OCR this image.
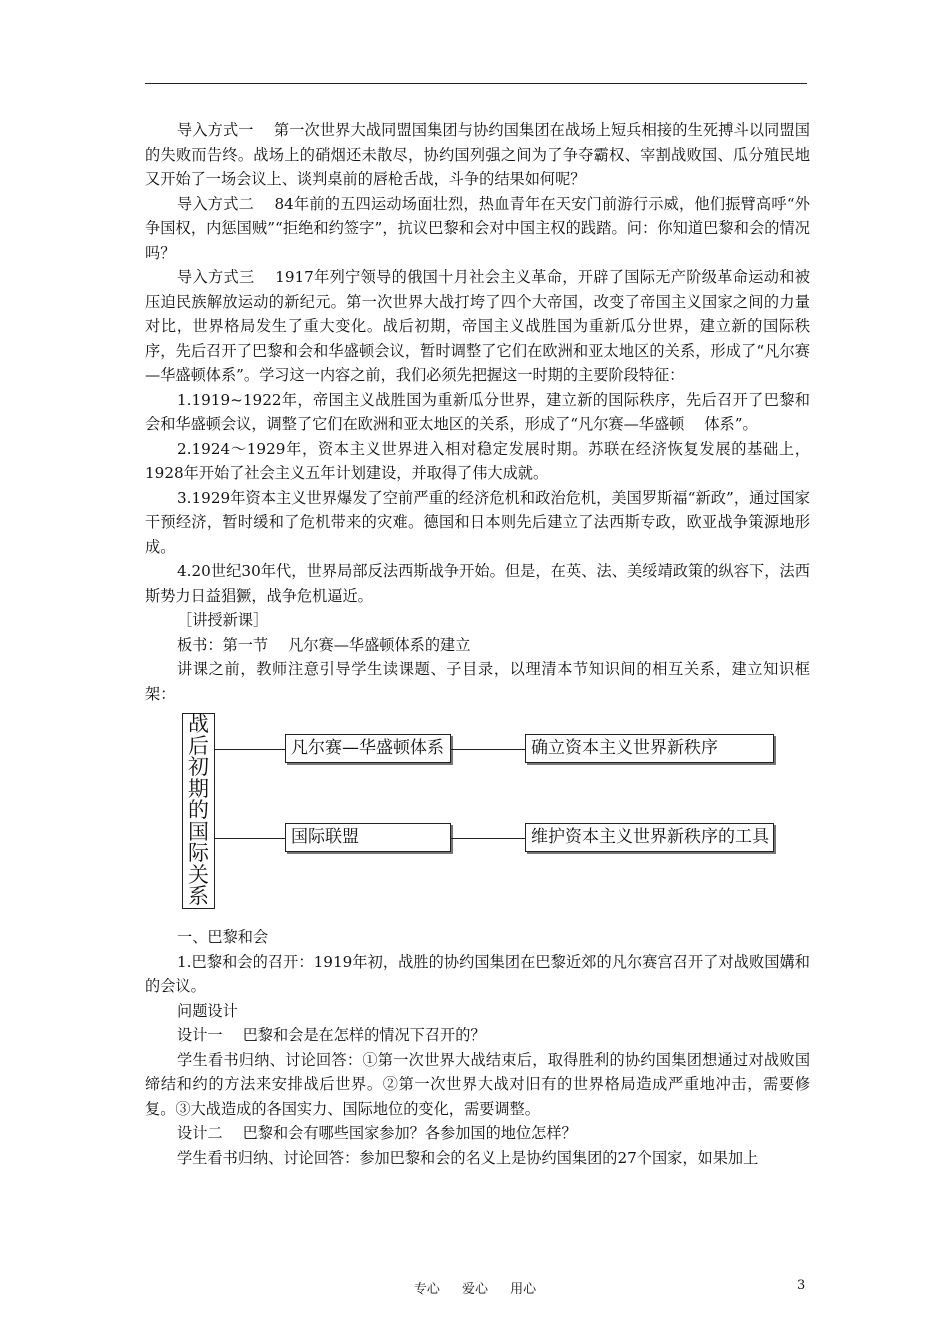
导入方式一　 第一次世界大战同盟国集团与协约国集团在战场上短兵相接的生死搏斗以同盟国的失败而告终。战场上的硝烟还未散尽，协约国列强之间为了争夺霸权、宰割战败国、瓜分殖民地又开始了一场会议上、谈判桌前的唇枪舌战，斗争的结果如何呢？

导入方式二　 84年前的五四运动场面壮烈，热血青年在天安门前游行示威，他们振臂高呼“外争国权，内惩国贼”“拒绝和约签字”，抗议巴黎和会对中国主权的践踏。问：你知道巴黎和会的情况吗？

导入方式三　 1917年列宁领导的俄国十月社会主义革命，开辟了国际无产阶级革命运动和被压迫民族解放运动的新纪元。第一次世界大战打垮了四个大帝国，改变了帝国主义国家之间的力量对比，世界格局发生了重大变化。战后初期，帝国主义战胜国为重新瓜分世界，建立新的国际秩序，先后召开了巴黎和会和华盛顿会议，暂时调整了它们在欧洲和亚太地区的关系，形成了“凡尔赛—华盛顿体系”。学习这一内容之前，我们必须先把握这一时期的主要阶段特征：

1.1919~1922年，帝国主义战胜国为重新瓜分世界，建立新的国际秩序，先后召开了巴黎和会和华盛顿会议，调整了它们在欧洲和亚太地区的关系，形成了“凡尔赛—华盛顿　 体系”。

2.1924～1929年，资本主义世界进入相对稳定发展时期。苏联在经济恢复发展的基础上，1928年开始了社会主义五年计划建设，并取得了伟大成就。

3.1929年资本主义世界爆发了空前严重的经济危机和政治危机，美国罗斯福“新政”，通过国家干预经济，暂时缓和了危机带来的灾难。德国和日本则先后建立了法西斯专政，欧亚战争策源地形成。

4.20世纪30年代，世界局部反法西斯战争开始。但是，在英、法、美绥靖政策的纵容下，法西斯势力日益猖獗，战争危机逼近。

［讲授新课］

板书：第一节　 凡尔赛—华盛顿体系的建立

讲课之前，教师注意引导学生读课题、子目录，以理清本节知识间的相互关系，建立知识框架：

战
后
初
期
的
国
际
关
系
凡尔赛—华盛顿体系	确立资本主义世界新秩序
国际联盟	维护资本主义世界新秩序的工具

一、巴黎和会

1.巴黎和会的召开：1919年初，战胜的协约国集团在巴黎近郊的凡尔赛宫召开了对战败国媾和的会议。

问题设计

设计一　 巴黎和会是在怎样的情况下召开的？

学生看书归纳、讨论回答：①第一次世界大战结束后，取得胜利的协约国集团想通过对战败国缔结和约的方法来安排战后世界。②第一次世界大战对旧有的世界格局造成严重地冲击，需要修复。③大战造成的各国实力、国际地位的变化，需要调整。

设计二　 巴黎和会有哪些国家参加？各参加国的地位怎样？

学生看书归纳、讨论回答：参加巴黎和会的名义上是协约国集团的27个国家，如果加上

专心 爱心 用心	3
